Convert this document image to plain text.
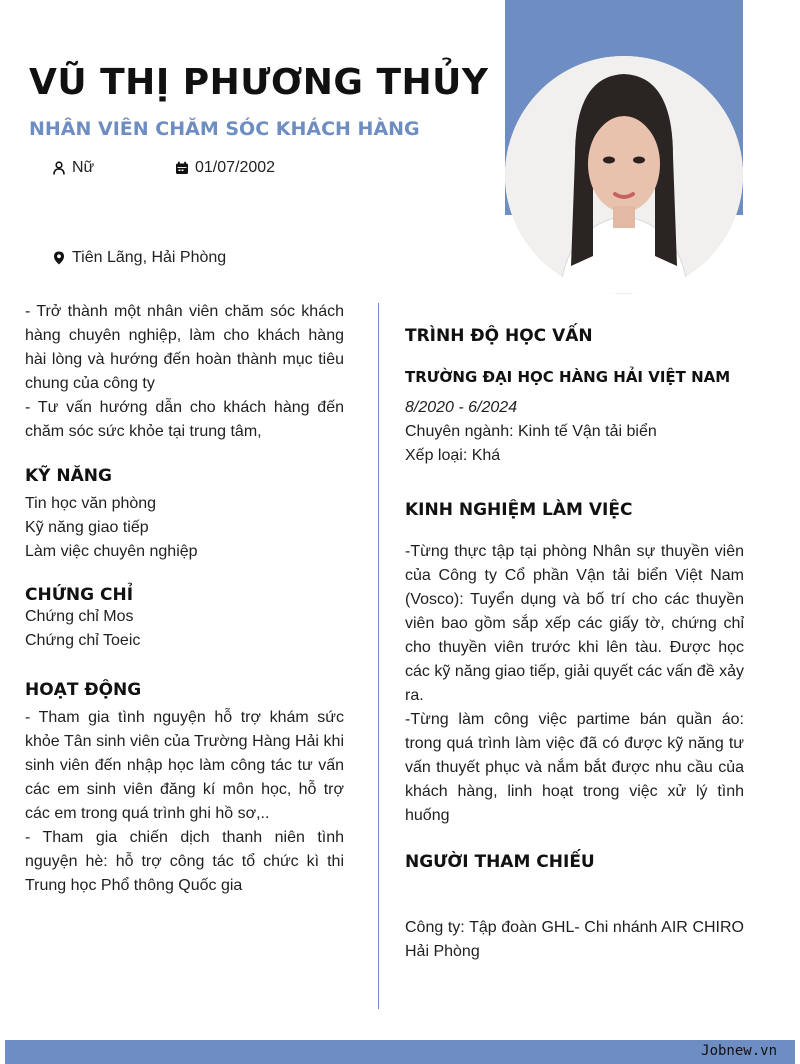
VŨ THỊ PHƯƠNG THỦY
NHÂN VIÊN CHĂM SÓC KHÁCH HÀNG
Nữ	01/07/2002
Tiên Lãng, Hải Phòng

- Trở thành một nhân viên chăm sóc khách hàng chuyên nghiệp, làm cho khách hàng hài lòng và hướng đến hoàn thành mục tiêu chung của công ty

- Tư vấn hướng dẫn cho khách hàng đến chăm sóc sức khỏe tại trung tâm,

KỸ NĂNG

Tin học văn phòng

Kỹ năng giao tiếp

Làm việc chuyên nghiệp

CHỨNG CHỈ

Chứng chỉ Mos

Chứng chỉ Toeic

HOẠT ĐỘNG

- Tham gia tình nguyện hỗ trợ khám sức khỏe Tân sinh viên của Trường Hàng Hải khi sinh viên đến nhập học làm công tác tư vấn các em sinh viên đăng kí môn học, hỗ trợ các em trong quá trình ghi hồ sơ,..

- Tham gia chiến dịch thanh niên tình nguyện hè: hỗ trợ công tác tổ chức kì thi Trung học Phổ thông Quốc gia

TRÌNH ĐỘ HỌC VẤN

TRƯỜNG ĐẠI HỌC HÀNG HẢI VIỆT NAM

8/2020 - 6/2024

Chuyên ngành: Kinh tế Vận tải biển

Xếp loại: Khá

KINH NGHIỆM LÀM VIỆC

-Từng thực tập tại phòng Nhân sự thuyền viên của Công ty Cổ phần Vận tải biển Việt Nam (Vosco): Tuyển dụng và bố trí cho các thuyền viên bao gồm sắp xếp các giấy tờ, chứng chỉ cho thuyền viên trước khi lên tàu. Được học các kỹ năng giao tiếp, giải quyết các vấn đề xảy ra.

-Từng làm công việc partime bán quần áo: trong quá trình làm việc đã có được kỹ năng tư vấn thuyết phục và nắm bắt được nhu cầu của khách hàng, linh hoạt trong việc xử lý tình huống

NGƯỜI THAM CHIẾU

Công ty: Tập đoàn GHL- Chi nhánh AIR CHIRO Hải Phòng

Jobnew.vn
